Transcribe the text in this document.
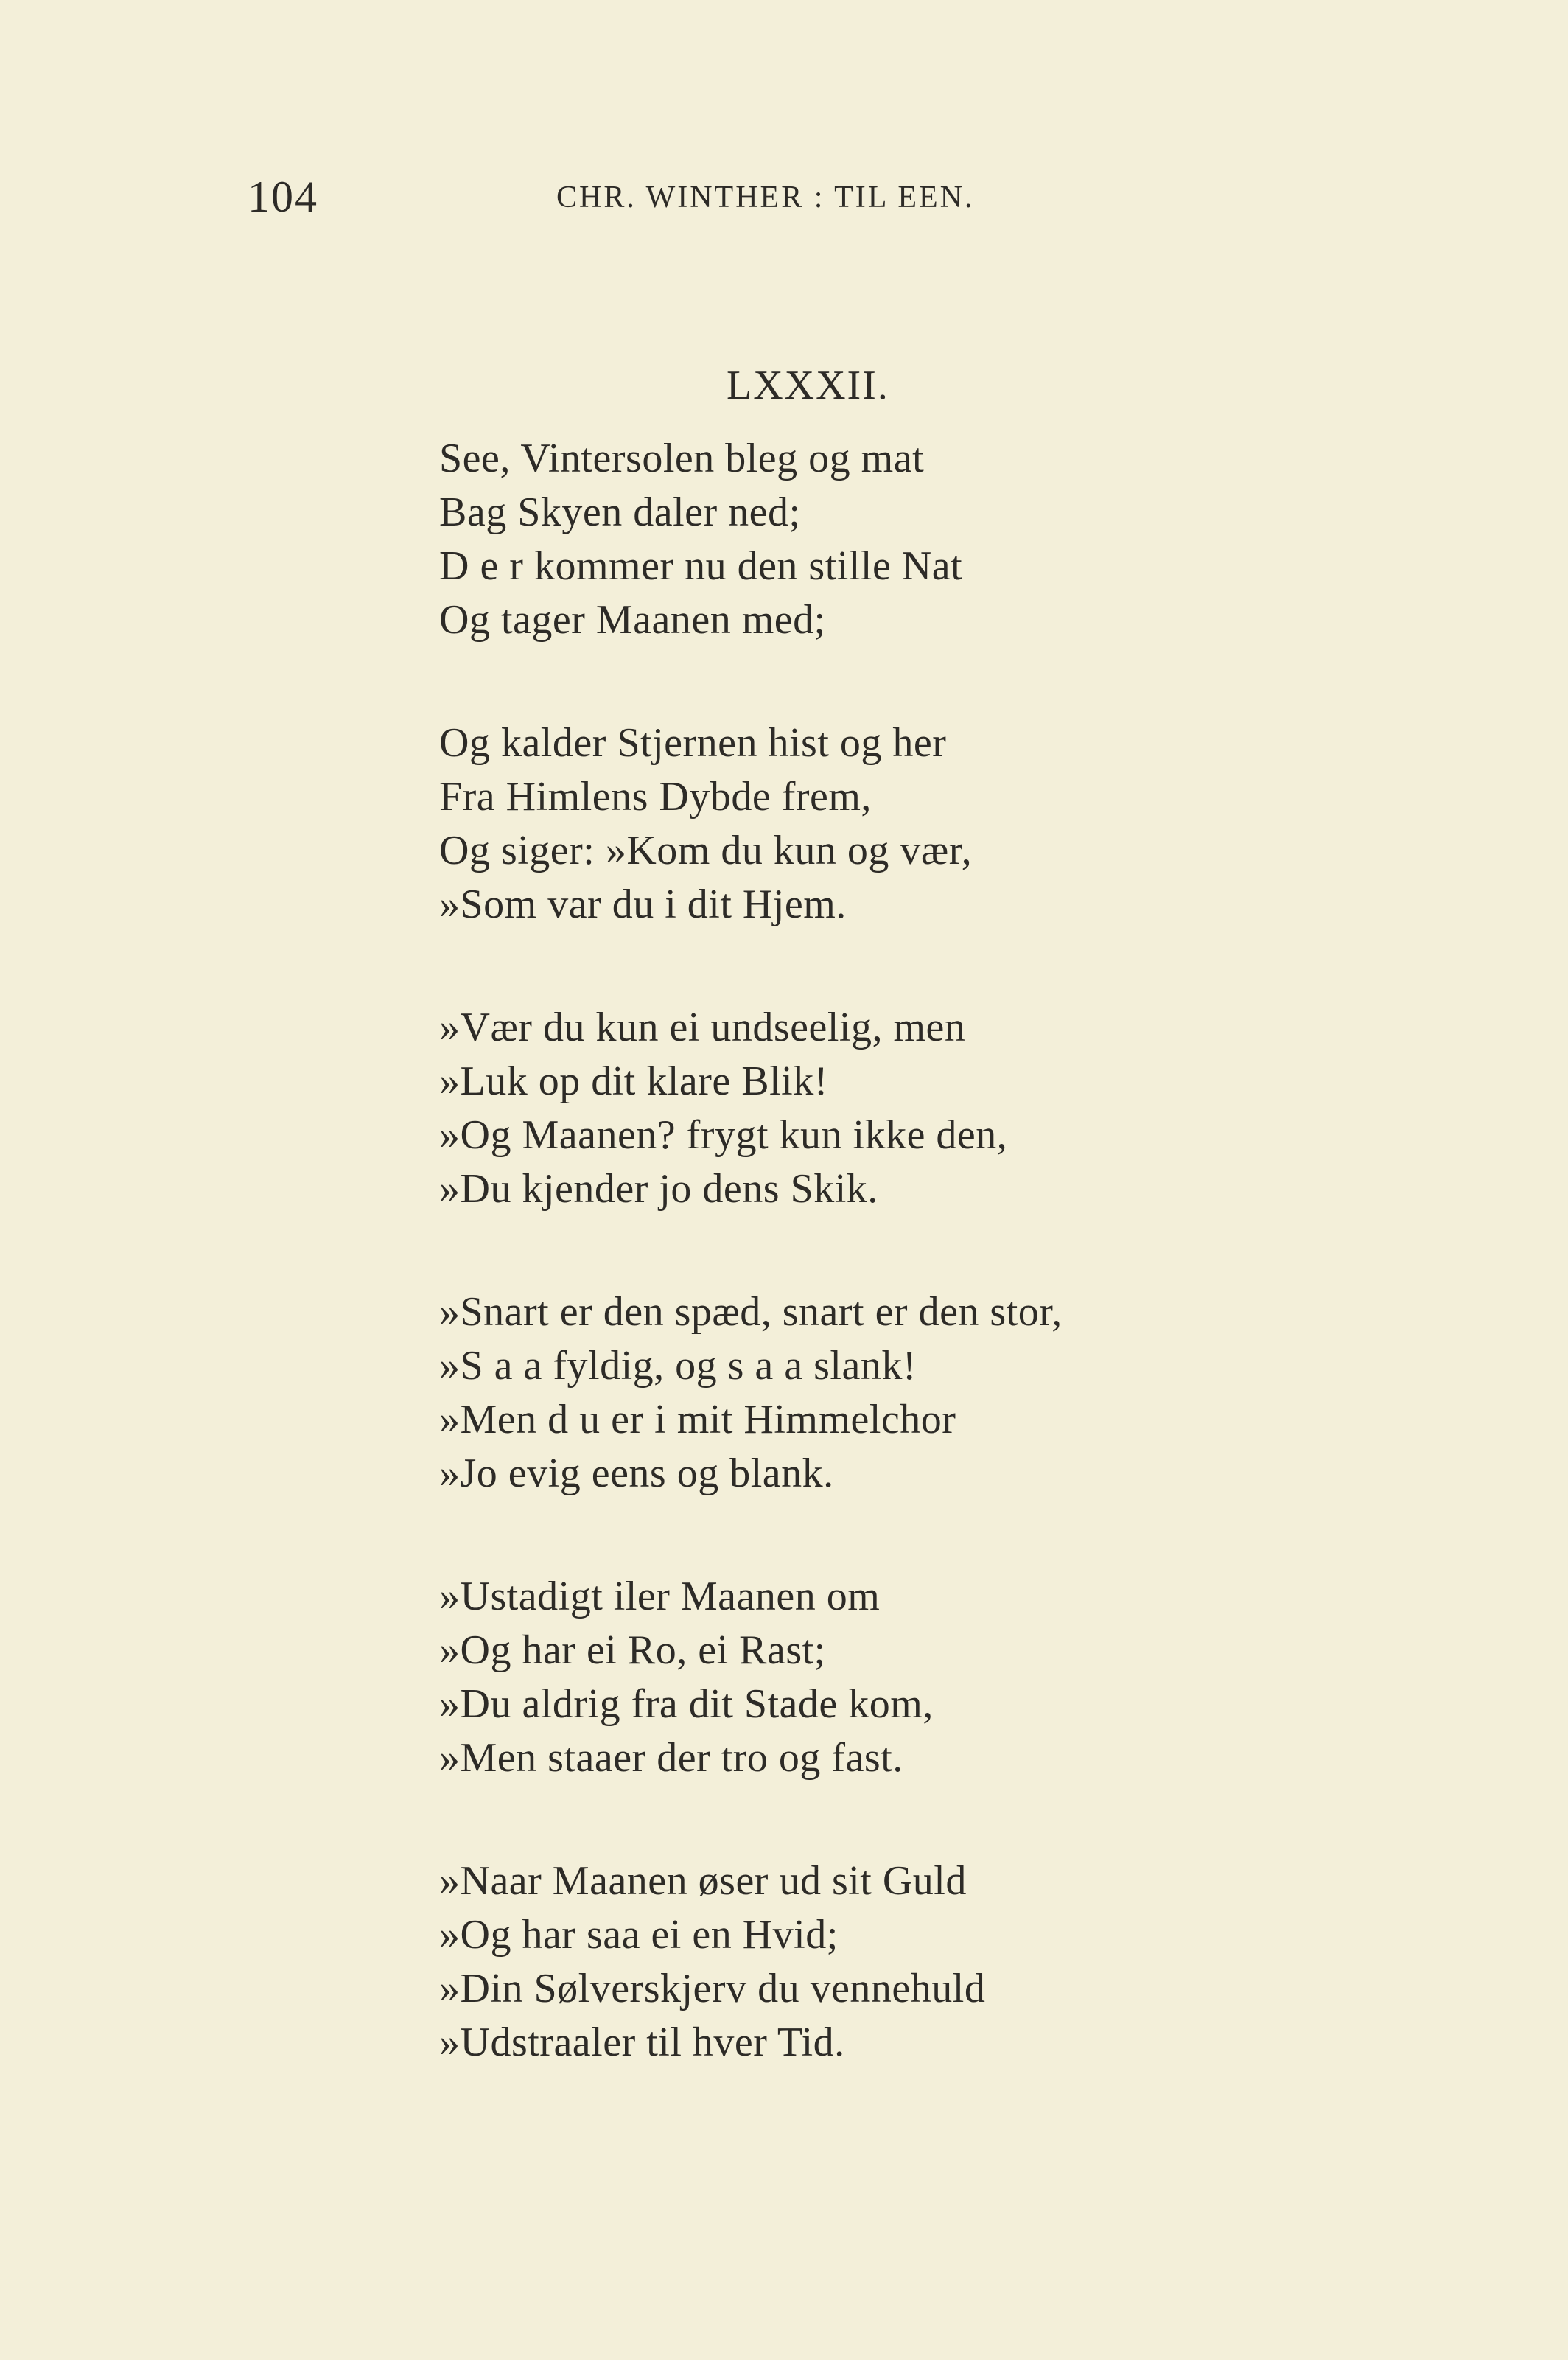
104	CHR. WINTHER : TIL EEN.
LXXXII.
See, Vintersolen bleg og mat
Bag Skyen daler ned;
D e r kommer nu den stille Nat
Og tager Maanen med;
Og kalder Stjernen hist og her
Fra Himlens Dybde frem,
Og siger: »Kom du kun og vær,
»Som var du i dit Hjem.
»Vær du kun ei undseelig, men
»Luk op dit klare Blik!
»Og Maanen? frygt kun ikke den,
»Du kjender jo dens Skik.
»Snart er den spæd, snart er den stor,
»S a a fyldig, og s a a slank!
»Men d u er i mit Himmelchor
»Jo evig eens og blank.
»Ustadigt iler Maanen om
»Og har ei Ro, ei Rast;
»Du aldrig fra dit Stade kom,
»Men staaer der tro og fast.
»Naar Maanen øser ud sit Guld
»Og har saa ei en Hvid;
»Din Sølverskjerv du vennehuld
»Udstraaler til hver Tid.
